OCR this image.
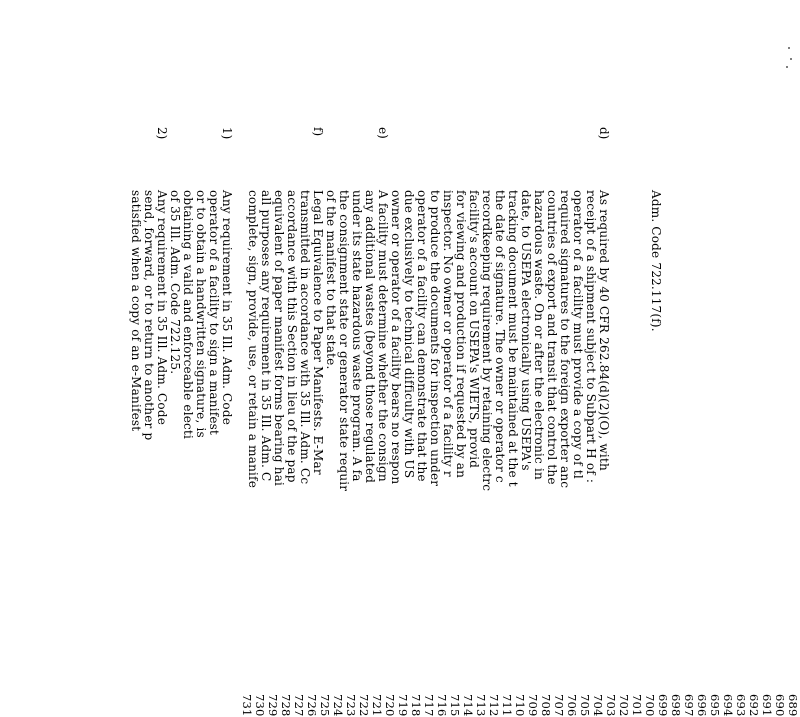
689
690
691
692
693
694
695
696
697
698
699
700
701
702
703
704
705
706
707
708
709
710
711
712
713
714
715
716
717
718
719
720
721
722
723
724
725
726
727
728
729
730
731
d)
e)
f)
1)
2)
Adm. Code 722.117(f).
As required by 40 CFR 262.84(d)(2)(O), with
receipt of a shipment subject to Subpart H of :
operator of a facility must provide a copy of tl
required signatures to the foreign exporter anc
countries of export and transit that control the
hazardous waste. On or after the electronic in
date, to USEPA electronically using USEPA's
tracking document must be maintained at the t
the date of signature. The owner or operator c
recordkeeping requirement by retaining electrc
facility's account on USEPA's WIETS, provid
for viewing and production if requested by an
inspector. No owner or operator of a facility r
to produce the documents for inspection under
operator of a facility can demonstrate that the
due exclusively to technical difficulty with US
owner or operator of a facility bears no respon
A facility must determine whether the consign
any additional wastes (beyond those regulated
under its state hazardous waste program. A fa
the consignment state or generator state requir
of the manifest to that state.
Legal Equivalence to Paper Manifests. E-Mar
transmitted in accordance with 35 Ill. Adm. Cc
accordance with this Section in lieu of the pap
equivalent of paper manifest forms bearing hai
all purposes any requirement in 35 Ill. Adm. C
complete, sign, provide, use, or retain a manife
Any requirement in 35 Ill. Adm. Code
operator of a facility to sign a manifest
or to obtain a handwritten signature, is
obtaining a valid and enforceable electi
of 35 Ill. Adm. Code 722.125.
Any requirement in 35 Ill. Adm. Code
send, forward, or to return to another p
satisfied when a copy of an e-Manifest
